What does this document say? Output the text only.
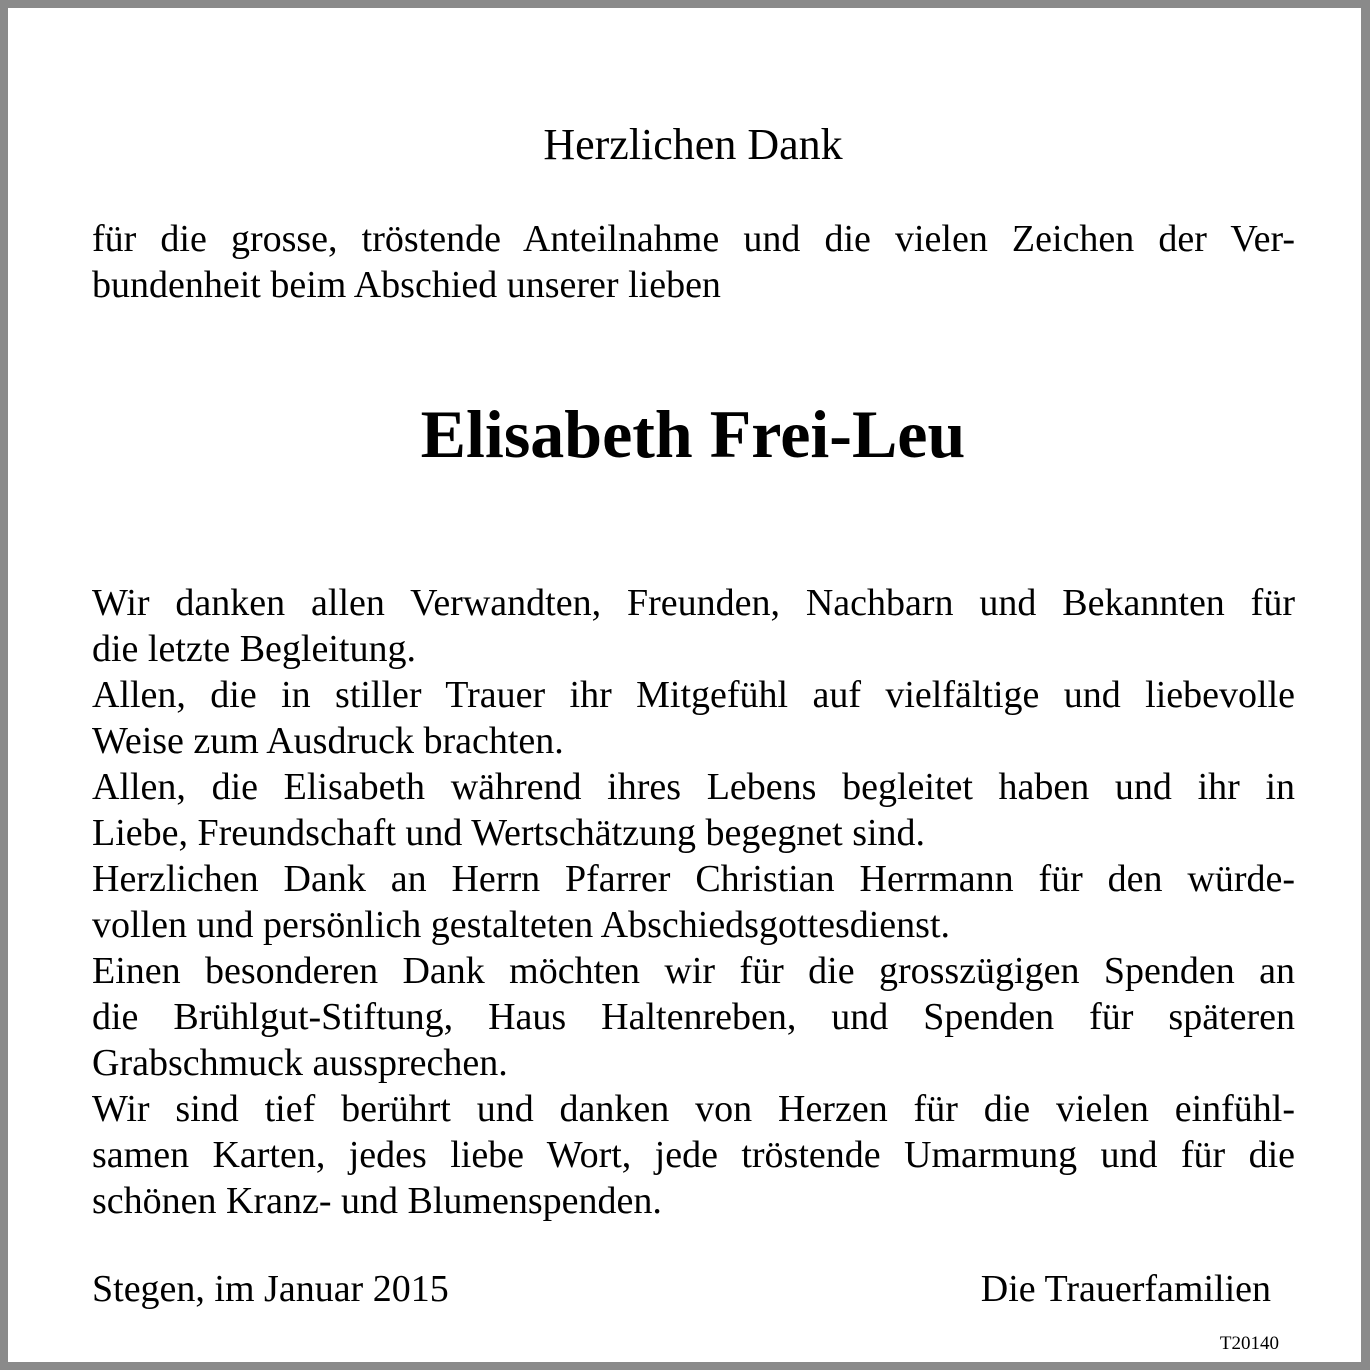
Herzlichen Dank
für die grosse, tröstende Anteilnahme und die vielen Zeichen der Ver-
bundenheit beim Abschied unserer lieben
Elisabeth Frei-Leu
Wir danken allen Verwandten, Freunden, Nachbarn und Bekannten für
die letzte Begleitung.
Allen, die in stiller Trauer ihr Mitgefühl auf vielfältige und liebevolle
Weise zum Ausdruck brachten.
Allen, die Elisabeth während ihres Lebens begleitet haben und ihr in
Liebe, Freundschaft und Wertschätzung begegnet sind.
Herzlichen Dank an Herrn Pfarrer Christian Herrmann für den würde-
vollen und persönlich gestalteten Abschiedsgottesdienst.
Einen besonderen Dank möchten wir für die grosszügigen Spenden an
die Brühlgut-Stiftung, Haus Haltenreben, und Spenden für späteren
Grabschmuck aussprechen.
Wir sind tief berührt und danken von Herzen für die vielen einfühl-
samen Karten, jedes liebe Wort, jede tröstende Umarmung und für die
schönen Kranz- und Blumenspenden.
Stegen, im Januar 2015	Die Trauerfamilien
T20140
